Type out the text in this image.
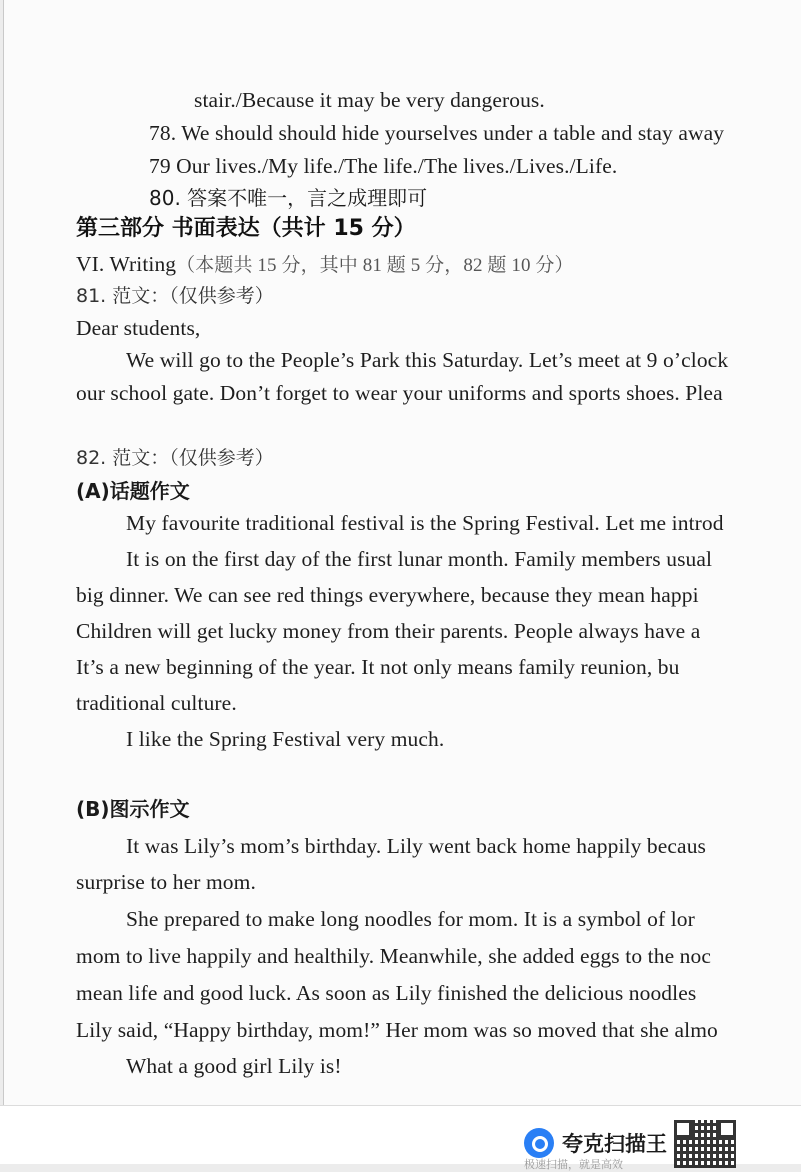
stair./Because it may be very dangerous.
78. We should should hide yourselves under a table and stay away
79 Our lives./My life./The life./The lives./Lives./Life.
80. 答案不唯一，言之成理即可
第三部分 书面表达（共计 15 分）
VI. Writing（本题共 15 分，其中 81 题 5 分，82 题 10 分）
81. 范文：（仅供参考）
Dear students,
We will go to the People’s Park this Saturday. Let’s meet at 9 o’clock
our school gate. Don’t forget to wear your uniforms and sports shoes. Plea
82. 范文：（仅供参考）
(A)话题作文
My favourite traditional festival is the Spring Festival. Let me introd
It is on the first day of the first lunar month. Family members usual
big dinner. We can see red things everywhere, because they mean happi
Children will get lucky money from their parents. People always have a
It’s a new beginning of the year. It not only means family reunion, bu
traditional culture.
I like the Spring Festival very much.
(B)图示作文
It was Lily’s mom’s birthday. Lily went back home happily becaus
surprise to her mom.
She prepared to make long noodles for mom. It is a symbol of lor
mom to live happily and healthily. Meanwhile, she added eggs to the noc
mean life and good luck. As soon as Lily finished the delicious noodles
Lily said, “Happy birthday, mom!” Her mom was so moved that she almo
What a good girl Lily is!
夸克扫描王
极速扫描，就是高效
